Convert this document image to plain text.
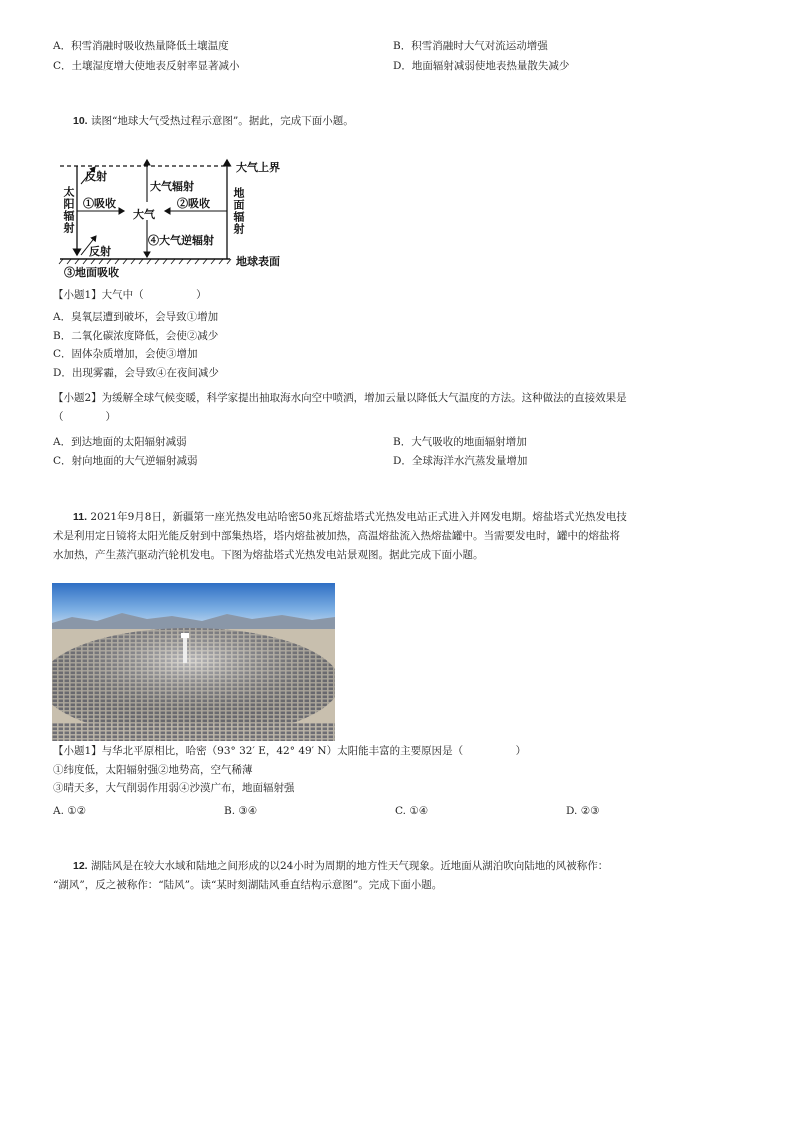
A．积雪消融时吸收热量降低土壤温度	B．积雪消融时大气对流运动增强
C．土壤湿度增大使地表反射率显著减小	D．地面辐射减弱使地表热量散失减少
10. 读图“地球大气受热过程示意图”。据此，完成下面小题。
大气上界
地球表面
太阳辐射
反射
反射
①吸收	②吸收
大气
大气辐射
④大气逆辐射
③地面吸收
地面辐射
【小题1】大气中（　　　　　）
A．臭氧层遭到破坏，会导致①增加
B．二氧化碳浓度降低，会使②减少
C．固体杂质增加，会使③增加
D．出现雾霾，会导致④在夜间减少
【小题2】为缓解全球气候变暖，科学家提出抽取海水向空中喷洒，增加云量以降低大气温度的方法。这种做法的直接效果是
（　　　　）
A．到达地面的太阳辐射减弱	B．大气吸收的地面辐射增加
C．射向地面的大气逆辐射减弱	D．全球海洋水汽蒸发量增加
11. 2021年9月8日，新疆第一座光热发电站哈密50兆瓦熔盐塔式光热发电站正式进入并网发电期。熔盐塔式光热发电技
术是利用定日镜将太阳光能反射到中部集热塔，塔内熔盐被加热，高温熔盐流入热熔盐罐中。当需要发电时，罐中的熔盐将
水加热，产生蒸汽驱动汽轮机发电。下图为熔盐塔式光热发电站景观图。据此完成下面小题。
【小题1】与华北平原相比，哈密（93° 32′ E，42° 49′ N）太阳能丰富的主要原因是（　　　　　）
①纬度低，太阳辐射强②地势高，空气稀薄
③晴天多，大气削弱作用弱④沙漠广布，地面辐射强
A. ①②	B. ③④	C. ①④	D. ②③
12. 湖陆风是在较大水域和陆地之间形成的以24小时为周期的地方性天气现象。近地面从湖泊吹向陆地的风被称作：
“湖风”，反之被称作：“陆风”。读“某时刻湖陆风垂直结构示意图”。完成下面小题。
